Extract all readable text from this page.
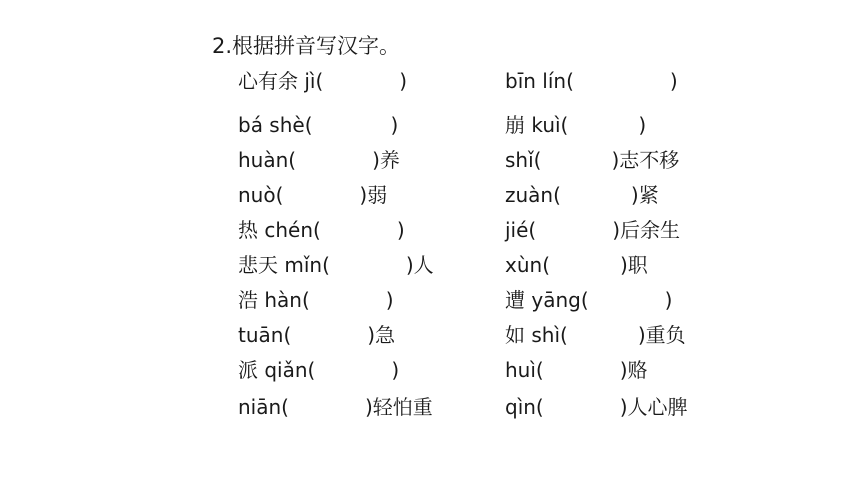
2.根据拼音写汉字。
心有余 jì(	)
bá shè(	)
huàn(	)养
nuò(	)弱
热 chén(	)
悲天 mǐn(	)人
浩 hàn(	)
tuān(	)急
派 qiǎn(	)
niān(	)轻怕重
bīn lín(	)
崩 kuì(	)
shǐ(	)志不移
zuàn(	)紧
jié(	)后余生
xùn(	)职
遭 yāng(	)
如 shì(	)重负
huì(	)赂
qìn(	)人心脾
